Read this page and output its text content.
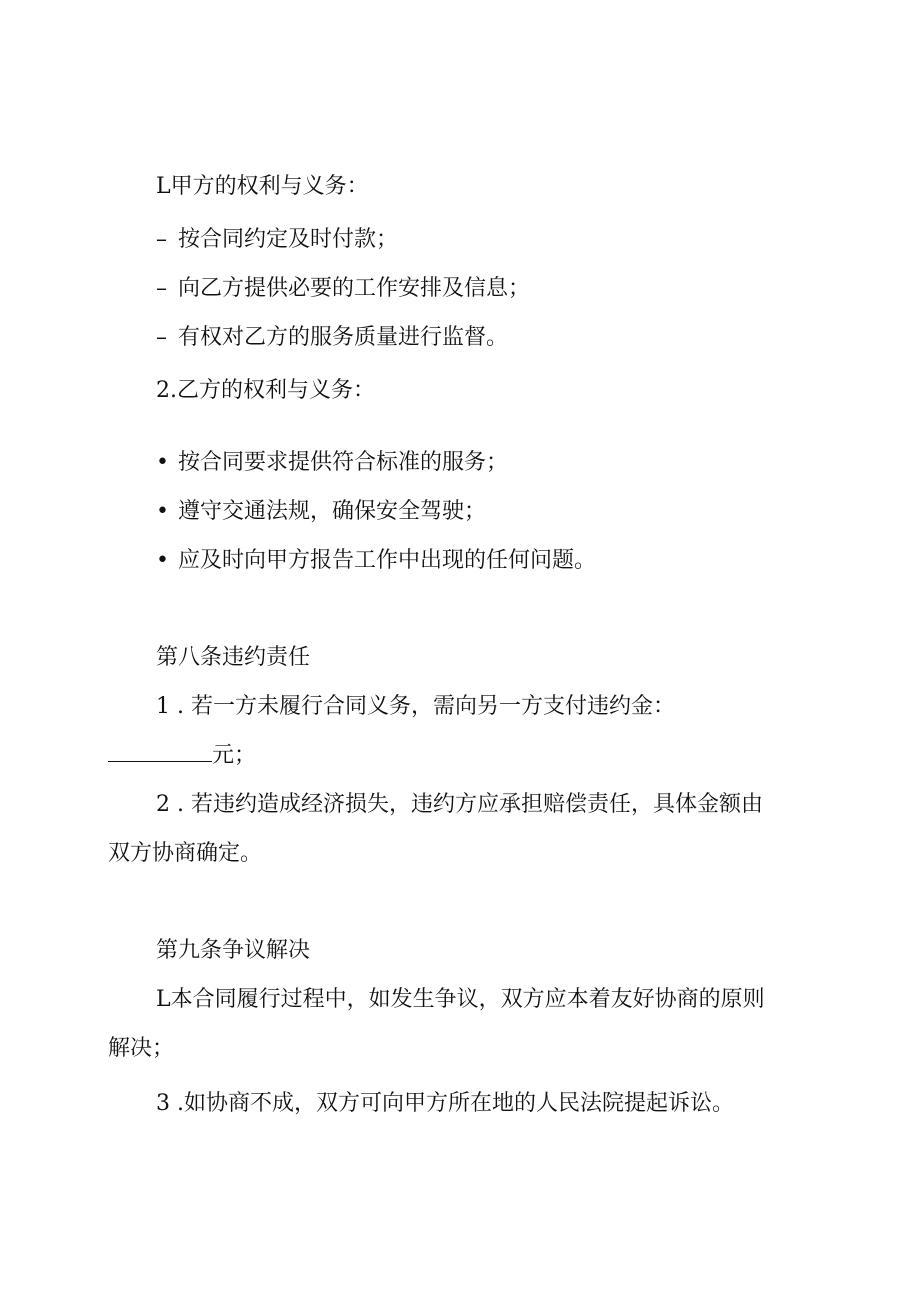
L甲方的权利与义务：
– 按合同约定及时付款；
– 向乙方提供必要的工作安排及信息；
– 有权对乙方的服务质量进行监督。
2.乙方的权利与义务：
• 按合同要求提供符合标准的服务；
• 遵守交通法规，确保安全驾驶；
• 应及时向甲方报告工作中出现的任何问题。
第八条违约责任
1 . 若一方未履行合同义务，需向另一方支付违约金：
元；
2 . 若违约造成经济损失，违约方应承担赔偿责任，具体金额由
双方协商确定。
第九条争议解决
L本合同履行过程中，如发生争议，双方应本着友好协商的原则
解决；
3 .如协商不成，双方可向甲方所在地的人民法院提起诉讼。
